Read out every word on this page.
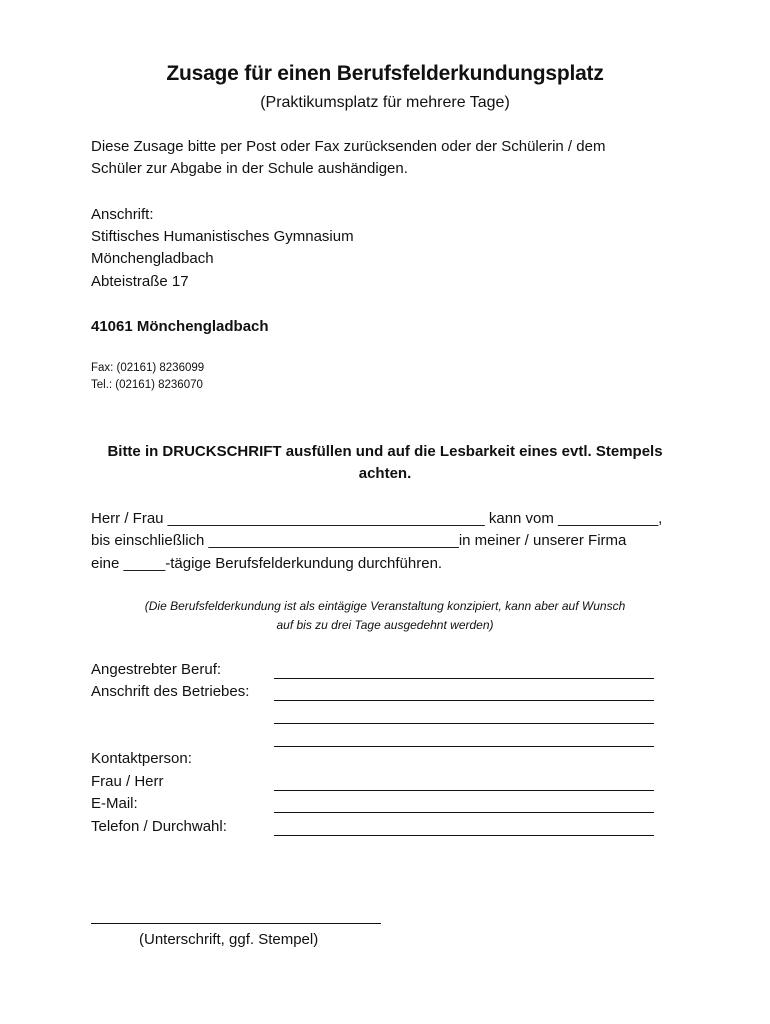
Zusage für einen Berufsfelderkundungsplatz
(Praktikumsplatz für mehrere Tage)
Diese Zusage bitte per Post oder Fax zurücksenden oder der Schülerin / dem
Schüler zur Abgabe in der Schule aushändigen.
Anschrift:
Stiftisches Humanistisches Gymnasium
Mönchengladbach
Abteistraße 17
41061 Mönchengladbach
Fax: (02161) 8236099
Tel.: (02161) 8236070
Bitte in DRUCKSCHRIFT ausfüllen und auf die Lesbarkeit eines evtl. Stempels
achten.
Herr / Frau ______________________________________ kann vom ____________,
bis einschließlich ______________________________in meiner / unserer Firma
eine _____-tägige Berufsfelderkundung durchführen.
(Die Berufsfelderkundung ist als eintägige Veranstaltung konzipiert, kann aber auf Wunsch
auf bis zu drei Tage ausgedehnt werden)
Angestrebter Beruf:
Anschrift des Betriebes:
Kontaktperson:
Frau / Herr
E-Mail:
Telefon / Durchwahl:
(Unterschrift, ggf. Stempel)
